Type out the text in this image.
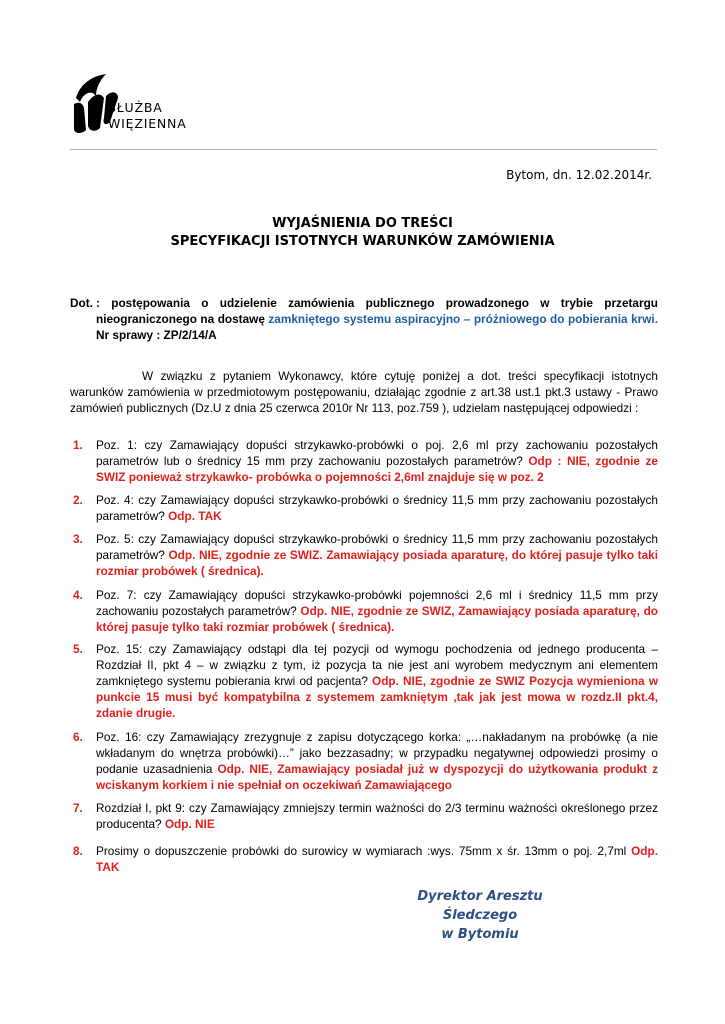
SŁUŻBA
WIĘZIENNA
Bytom, dn. 12.02.2014r.
WYJAŚNIENIA DO TREŚCI
SPECYFIKACJI ISTOTNYCH WARUNKÓW ZAMÓWIENIA
Dot. : postępowania o udzielenie zamówienia publicznego prowadzonego w trybie przetargu nieograniczonego na dostawę zamkniętego systemu aspiracyjno – próżniowego do pobierania krwi. Nr sprawy : ZP/2/14/A
W związku z pytaniem Wykonawcy, które cytuję poniżej a dot. treści specyfikacji istotnych warunków zamówienia w przedmiotowym postępowaniu, działając zgodnie z art.38 ust.1 pkt.3 ustawy - Prawo zamówień publicznych (Dz.U z dnia 25 czerwca 2010r Nr 113, poz.759 ), udzielam następującej odpowiedzi :
1. Poz. 1: czy Zamawiający dopuści strzykawko-probówki o poj. 2,6 ml przy zachowaniu pozostałych parametrów lub o średnicy 15 mm przy zachowaniu pozostałych parametrów? Odp : NIE, zgodnie ze SWIZ ponieważ strzykawko- probówka o pojemności 2,6ml znajduje się w poz. 2
2. Poz. 4: czy Zamawiający dopuści strzykawko-probówki o średnicy 11,5 mm przy zachowaniu pozostałych parametrów? Odp. TAK
3. Poz. 5: czy Zamawiający dopuści strzykawko-probówki o średnicy 11,5 mm przy zachowaniu pozostałych parametrów? Odp. NIE, zgodnie ze SWIZ. Zamawiający posiada aparaturę, do której pasuje tylko taki rozmiar probówek ( średnica).
4. Poz. 7: czy Zamawiający dopuści strzykawko-probówki pojemności 2,6 ml i średnicy 11,5 mm przy zachowaniu pozostałych parametrów? Odp. NIE, zgodnie ze SWIZ, Zamawiający posiada aparaturę, do której pasuje tylko taki rozmiar probówek ( średnica).
5. Poz. 15: czy Zamawiający odstąpi dla tej pozycji od wymogu pochodzenia od jednego producenta – Rozdział II, pkt 4 – w związku z tym, iż pozycja ta nie jest ani wyrobem medycznym ani elementem zamkniętego systemu pobierania krwi od pacjenta? Odp. NIE, zgodnie ze SWIZ Pozycja wymieniona w punkcie 15 musi być kompatybilna z systemem zamkniętym ,tak jak jest mowa w rozdz.II pkt.4, zdanie drugie.
6. Poz. 16: czy Zamawiający zrezygnuje z zapisu dotyczącego korka: „…nakładanym na probówkę (a nie wkładanym do wnętrza probówki)…” jako bezzasadny; w przypadku negatywnej odpowiedzi prosimy o podanie uzasadnienia Odp. NIE, Zamawiający posiadał już w dyspozycji do użytkowania produkt z wciskanym korkiem i nie spełniał on oczekiwań Zamawiającego
7. Rozdział I, pkt 9: czy Zamawiający zmniejszy termin ważności do 2/3 terminu ważności określonego przez producenta? Odp. NIE
8. Prosimy o dopuszczenie probówki do surowicy w wymiarach :wys. 75mm x śr. 13mm o poj. 2,7ml Odp. TAK
Dyrektor Aresztu Śledczego
w Bytomiu
